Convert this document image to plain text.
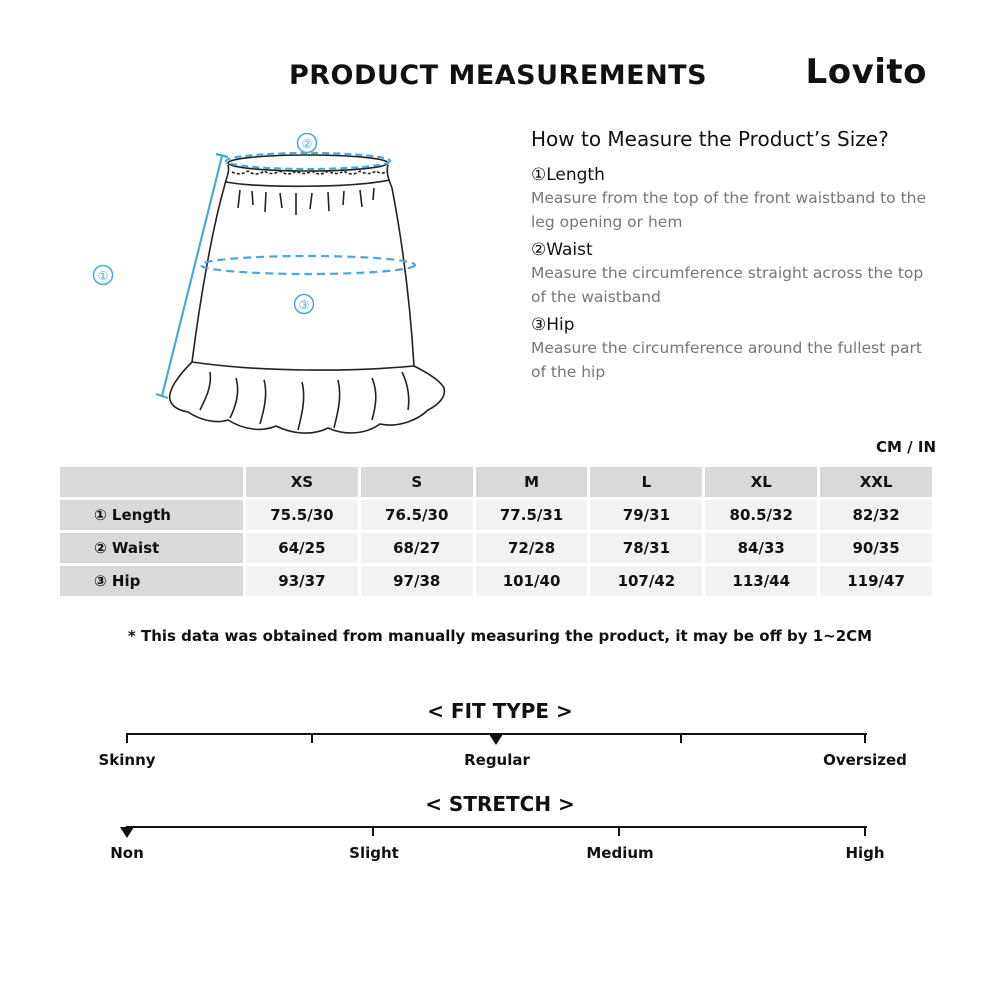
PRODUCT MEASUREMENTS	Lovito
①
②
③
How to Measure the Product’s Size?
①Length
Measure from the top of the front waistband to the leg opening or hem
②Waist
Measure the circumference straight across the top of the waistband
③Hip
Measure the circumference around the fullest part of the hip
CM / IN
	XS	S	M	L	XL	XXL
① Length	75.5/30	76.5/30	77.5/31	79/31	80.5/32	82/32
② Waist	64/25	68/27	72/28	78/31	84/33	90/35
③ Hip	93/37	97/38	101/40	107/42	113/44	119/47
* This data was obtained from manually measuring the product, it may be off by 1~2CM
< FIT TYPE >
Skinny	Regular	Oversized
< STRETCH >
Non	Slight	Medium	High
